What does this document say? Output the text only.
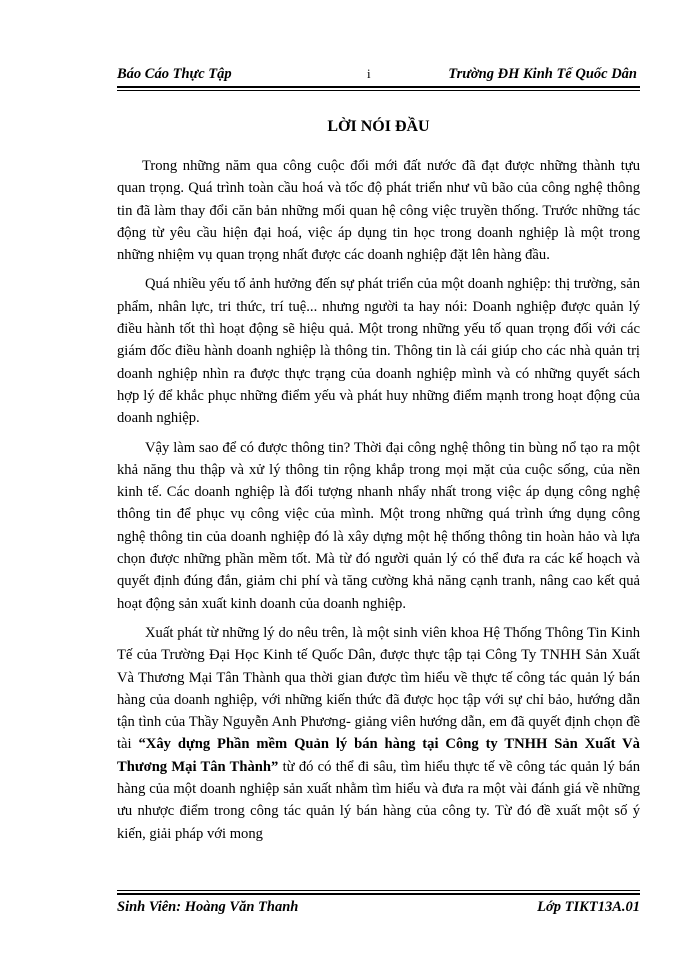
Báo Cáo Thực Tập	i	Trường ĐH Kinh Tế Quốc Dân
LỜI NÓI ĐẦU

Trong những năm qua công cuộc đổi mới đất nước đã đạt được những thành tựu quan trọng. Quá trình toàn cầu hoá và tốc độ phát triển như vũ bão của công nghệ thông tin đã làm thay đổi căn bản những mối quan hệ công việc truyền thống. Trước những tác động từ yêu cầu hiện đại hoá, việc áp dụng tin học trong doanh nghiệp là một trong những nhiệm vụ quan trọng nhất được các doanh nghiệp đặt lên hàng đầu.

Quá nhiều yếu tố ảnh hưởng đến sự phát triển của một doanh nghiệp: thị trường, sản phẩm, nhân lực, tri thức, trí tuệ... nhưng người ta hay nói: Doanh nghiệp được quản lý điều hành tốt thì hoạt động sẽ hiệu quả. Một trong những yếu tố quan trọng đối với các giám đốc điều hành doanh nghiệp là thông tin. Thông tin là cái giúp cho các nhà quản trị doanh nghiệp nhìn ra được thực trạng của doanh nghiệp mình và có những quyết sách hợp lý để khắc phục những điểm yếu và phát huy những điểm mạnh trong hoạt động của doanh nghiệp.

Vậy làm sao để có được thông tin? Thời đại công nghệ thông tin bùng nổ tạo ra một khả năng thu thập và xử lý thông tin rộng khắp trong mọi mặt của cuộc sống, của nền kinh tế. Các doanh nghiệp là đối tượng nhanh nhẩy nhất trong việc áp dụng công nghệ thông tin để phục vụ công việc của mình. Một trong những quá trình ứng dụng công nghệ thông tin của doanh nghiệp đó là xây dựng một hệ thống thông tin hoàn hảo và lựa chọn được những phần mềm tốt. Mà từ đó người quản lý có thể đưa ra các kế hoạch và quyết định đúng đắn, giảm chi phí và tăng cường khả năng cạnh tranh, nâng cao kết quả hoạt động sản xuất kinh doanh của doanh nghiệp.

Xuất phát từ những lý do nêu trên, là một sinh viên khoa Hệ Thống Thông Tin Kinh Tế của Trường Đại Học Kinh tế Quốc Dân, được thực tập tại Công Ty TNHH Sản Xuất Và Thương Mại Tân Thành qua thời gian được tìm hiểu về thực tế công tác quản lý bán hàng của doanh nghiệp, với những kiến thức đã được học tập với sự chỉ bảo, hướng dẫn tận tình của Thầy Nguyễn Anh Phương- giảng viên hướng dẫn, em đã quyết định chọn đề tài “Xây dựng Phần mềm Quản lý bán hàng tại Công ty TNHH Sản Xuất Và Thương Mại Tân Thành” từ đó có thể đi sâu, tìm hiểu thực tế về công tác quản lý bán hàng của một doanh nghiệp sản xuất nhằm tìm hiểu và đưa ra một vài đánh giá về những ưu nhược điểm trong công tác quản lý bán hàng của công ty. Từ đó đề xuất một số ý kiến, giải pháp với mong

Sinh Viên: Hoàng Văn Thanh	Lớp TIKT13A.01
